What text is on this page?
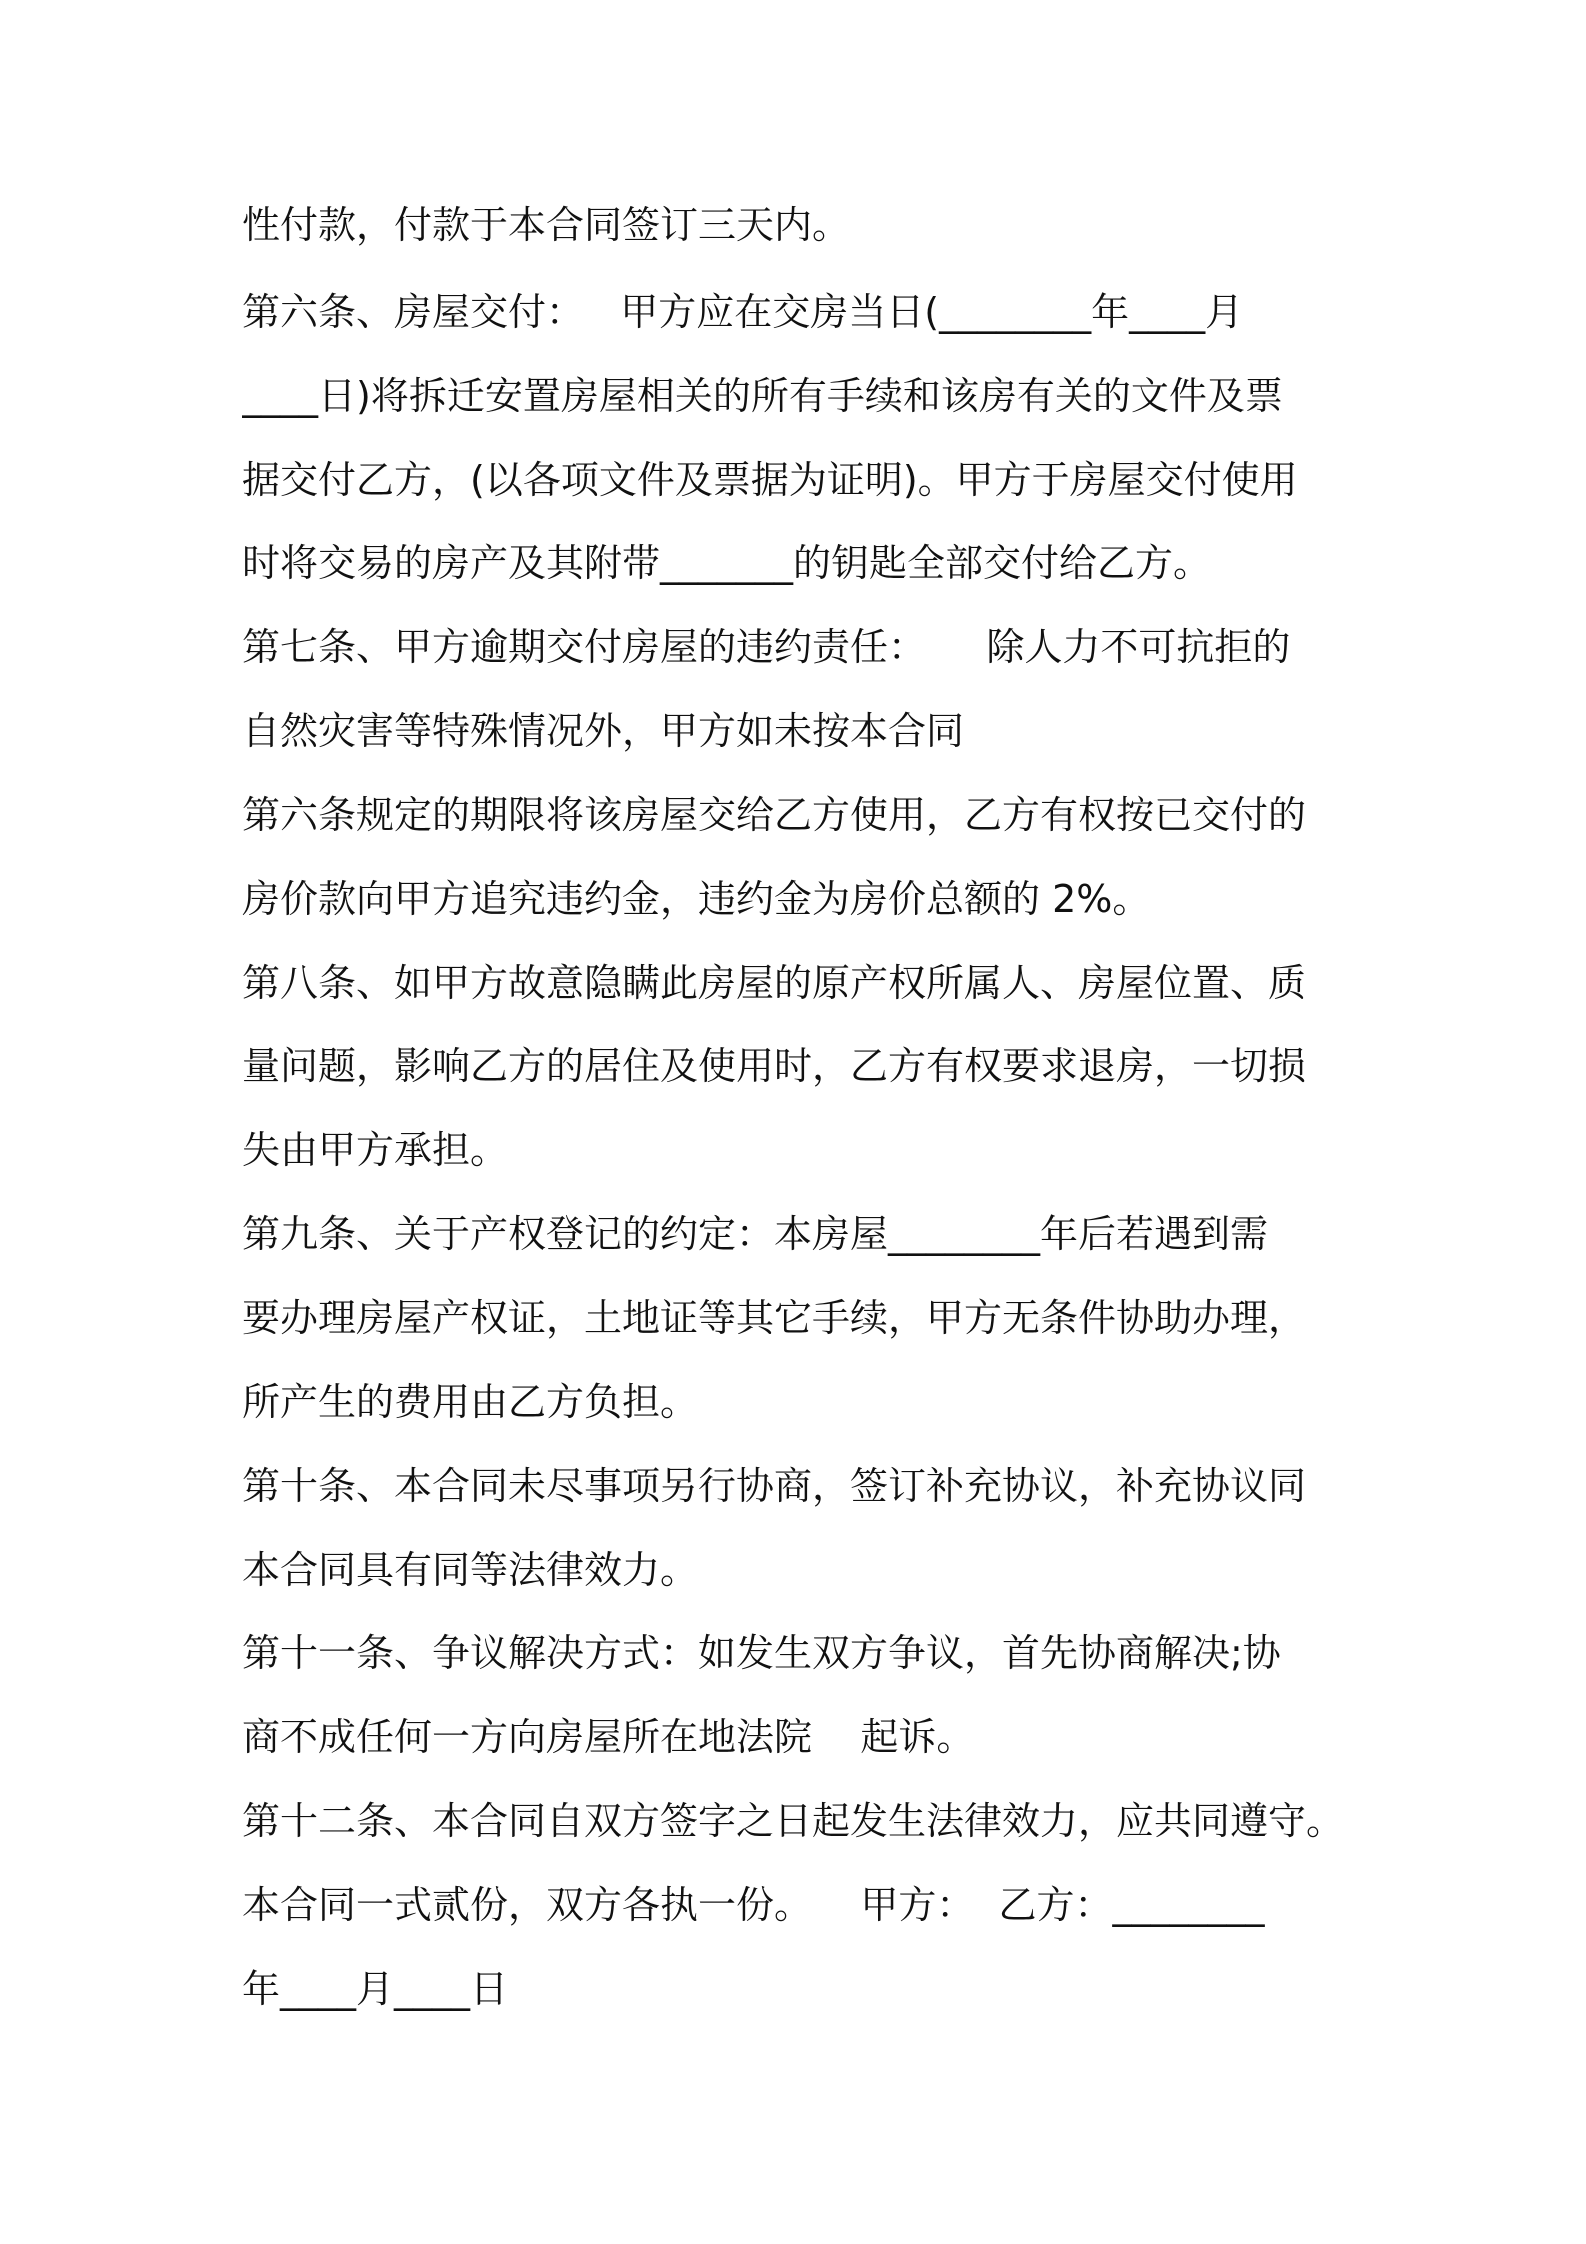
性付款，付款于本合同签订三天内。
第六条、房屋交付：   甲方应在交房当日(________年____月
____日)将拆迁安置房屋相关的所有手续和该房有关的文件及票
据交付乙方，(以各项文件及票据为证明)。甲方于房屋交付使用
时将交易的房产及其附带_______的钥匙全部交付给乙方。
第七条、甲方逾期交付房屋的违约责任：     除人力不可抗拒的
自然灾害等特殊情况外，甲方如未按本合同
第六条规定的期限将该房屋交给乙方使用，乙方有权按已交付的
房价款向甲方追究违约金，违约金为房价总额的 2%。
第八条、如甲方故意隐瞒此房屋的原产权所属人、房屋位置、质
量问题，影响乙方的居住及使用时，乙方有权要求退房，一切损
失由甲方承担。
第九条、关于产权登记的约定：本房屋________年后若遇到需
要办理房屋产权证，土地证等其它手续，甲方无条件协助办理，
所产生的费用由乙方负担。
第十条、本合同未尽事项另行协商，签订补充协议，补充协议同
本合同具有同等法律效力。
第十一条、争议解决方式：如发生双方争议，首先协商解决;协
商不成任何一方向房屋所在地法院    起诉。
第十二条、本合同自双方签字之日起发生法律效力，应共同遵守。
本合同一式贰份，双方各执一份。    甲方：  乙方：________
年____月____日
